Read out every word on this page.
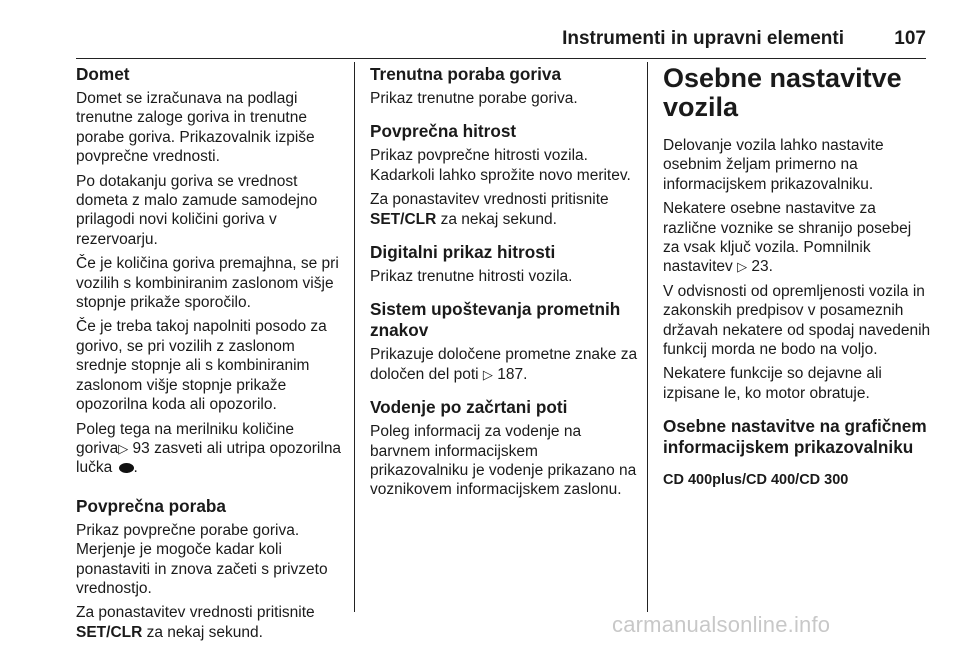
Instrumenti in upravni elementi	107
Domet

Domet se izračunava na podlagi trenutne zaloge goriva in trenutne porabe goriva. Prikazovalnik izpiše povprečne vrednosti.

Po dotakanju goriva se vrednost dometa z malo zamude samodejno prilagodi novi količini goriva v rezervoarju.

Če je količina goriva premajhna, se pri vozilih s kombiniranim zaslonom višje stopnje prikaže sporočilo.

Če je treba takoj napolniti posodo za gorivo, se pri vozilih z zaslonom srednje stopnje ali s kombiniranim zaslonom višje stopnje prikaže opozorilna koda ali opozorilo.

Poleg tega na merilniku količine goriva▷ 93 zasveti ali utripa opozorilna lučka .

Povprečna poraba

Prikaz povprečne porabe goriva. Merjenje je mogoče kadar koli ponastaviti in znova začeti s privzeto vrednostjo.

Za ponastavitev vrednosti pritisnite SET/CLR za nekaj sekund.

Trenutna poraba goriva

Prikaz trenutne porabe goriva.

Povprečna hitrost

Prikaz povprečne hitrosti vozila. Kadarkoli lahko sprožite novo meritev.

Za ponastavitev vrednosti pritisnite SET/CLR za nekaj sekund.

Digitalni prikaz hitrosti

Prikaz trenutne hitrosti vozila.

Sistem upoštevanja prometnih znakov

Prikazuje določene prometne znake za določen del poti ▷ 187.

Vodenje po začrtani poti

Poleg informacij za vodenje na barvnem informacijskem prikazovalniku je vodenje prikazano na voznikovem informacijskem zaslonu.

Osebne nastavitve vozila

Delovanje vozila lahko nastavite osebnim željam primerno na informacijskem prikazovalniku.

Nekatere osebne nastavitve za različne voznike se shranijo posebej za vsak ključ vozila. Pomnilnik nastavitev ▷ 23.

V odvisnosti od opremljenosti vozila in zakonskih predpisov v posameznih državah nekatere od spodaj navedenih funkcij morda ne bodo na voljo.

Nekatere funkcije so dejavne ali izpisane le, ko motor obratuje.

Osebne nastavitve na grafičnem informacijskem prikazovalniku
CD 400plus/CD 400/CD 300
carmanualsonline.info
